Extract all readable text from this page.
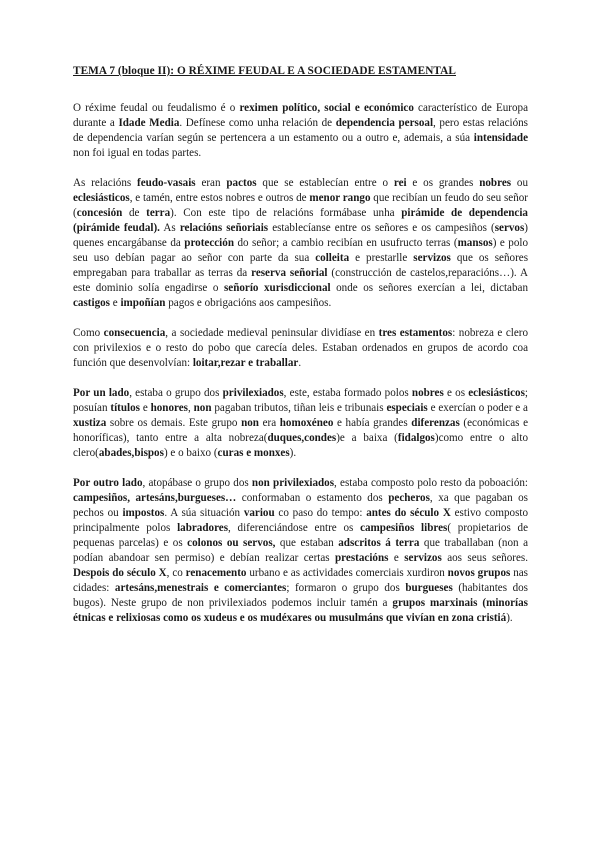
TEMA 7 (bloque II): O RÉXIME FEUDAL E A SOCIEDADE ESTAMENTAL
O réxime feudal ou feudalismo é o reximen político, social e económico característico de Europa durante a Idade Media. Defínese como unha relación de dependencia persoal, pero estas relacións de dependencia varían según se pertencera a un estamento ou a outro e, ademais, a súa intensidade non foi igual en todas partes.
As relacións feudo-vasais eran pactos que se establecían entre o rei e os grandes nobres ou eclesiásticos, e tamén, entre estos nobres e outros de menor rango que recibían un feudo do seu señor (concesión de terra). Con este tipo de relacións formábase unha pirámide de dependencia (pirámide feudal). As relacións señoriais establecíanse entre os señores e os campesiños (servos) quenes encargábanse da protección do señor; a cambio recibían en usufructo terras (mansos) e polo seu uso debían pagar ao señor con parte da sua colleita e prestarlle servizos que os señores empregaban para traballar as terras da reserva señorial (construcción de castelos,reparacións…). A este dominio solía engadirse o señorío xurisdiccional onde os señores exercían a lei, dictaban castigos e impoñían pagos e obrigacións aos campesiños.
Como consecuencia, a sociedade medieval peninsular dividíase en tres estamentos: nobreza e clero con privilexios e o resto do pobo que carecía deles. Estaban ordenados en grupos de acordo coa función que desenvolvían: loitar,rezar e traballar.
Por un lado, estaba o grupo dos privilexiados, este, estaba formado polos nobres e os eclesiásticos; posuían títulos e honores, non pagaban tributos, tiñan leis e tribunais especiais e exercían o poder e a xustiza sobre os demais. Este grupo non era homoxéneo e había grandes diferenzas (económicas e honoríficas), tanto entre a alta nobreza(duques,condes)e a baixa (fidalgos)como entre o alto clero(abades,bispos) e o baixo (curas e monxes).
Por outro lado, atopábase o grupo dos non privilexiados, estaba composto polo resto da poboación: campesiños, artesáns,burgueses… conformaban o estamento dos pecheros, xa que pagaban os pechos ou impostos. A súa situación variou co paso do tempo: antes do século X estivo composto principalmente polos labradores, diferenciándose entre os campesiños libres( propietarios de pequenas parcelas) e os colonos ou servos, que estaban adscritos á terra que traballaban (non a podían abandoar sen permiso) e debían realizar certas prestacións e servizos aos seus señores. Despois do século X, co renacemento urbano e as actividades comerciais xurdiron novos grupos nas cidades: artesáns,menestrais e comerciantes; formaron o grupo dos burgueses (habitantes dos bugos). Neste grupo de non privilexiados podemos incluir tamén a grupos marxinais (minorías étnicas e relixiosas como os xudeus e os mudéxares ou musulmáns que vivían en zona cristiá).
